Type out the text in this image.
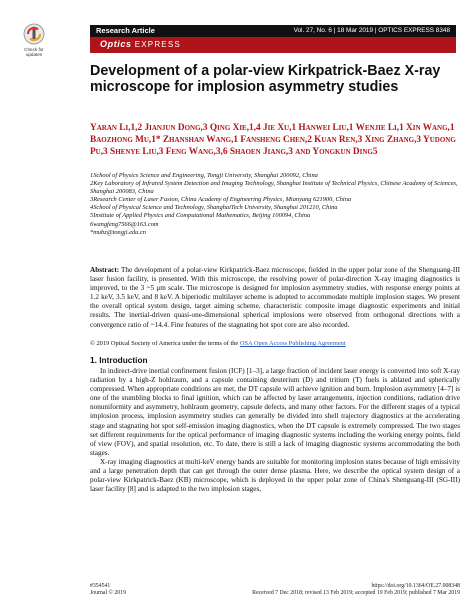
Check for
updates
Research Article	Vol. 27, No. 6 | 18 Mar 2019 | OPTICS EXPRESS 8348
Optics EXPRESS
Development of a polar-view Kirkpatrick-Baez X-ray microscope for implosion asymmetry studies
Yaran Li,1,2 Jianjun Dong,3 Qing Xie,1,4 Jie Xu,1 Hanwei Liu,1 Wenjie Li,1 Xin Wang,1 Baozhong Mu,1* Zhanshan Wang,1 Fansheng Chen,2 Kuan Ren,3 Xing Zhang,3 Yudong Pu,3 Shenye Liu,3 Feng Wang,3,6 Shaoen Jiang,3 and Yongkun Ding5
1School of Physics Science and Engineering, Tongji University, Shanghai 200092, China
2Key Laboratory of Infrared System Detection and Imaging Technology, Shanghai Institute of Technical Physics, Chinese Academy of Sciences, Shanghai 200083, China
3Research Center of Laser Fusion, China Academy of Engineering Physics, Mianyang 621900, China
4School of Physical Science and Technology, ShanghaiTech University, Shanghai 201210, China
5Institute of Applied Physics and Computational Mathematics, Beijing 100094, China
6wangfeng7566@163.com
*mubz@tongji.edu.cn
Abstract: The development of a polar-view Kirkpatrick-Baez microscope, fielded in the upper polar zone of the Shenguang-III laser fusion facility, is presented. With this microscope, the resolving power of polar-direction X-ray imaging diagnostics is improved, to the 3 ~5 μm scale. The microscope is designed for implosion asymmetry studies, with response energy points at 1.2 keV, 3.5 keV, and 8 keV. A biperiodic multilayer scheme is adopted to accommodate multiple implosion stages. We present the overall optical system design, target aiming scheme, characteristic composite image diagnostic experiments and initial results. The inertial-driven quasi-one-dimensional spherical implosions were observed from orthogonal directions with a convergence ratio of ~14.4. Fine features of the stagnating hot spot core are also recorded.
© 2019 Optical Society of America under the terms of the OSA Open Access Publishing Agreement
1. Introduction

In indirect-drive inertial confinement fusion (ICF) [1–3], a large fraction of incident laser energy is converted into soft X-ray radiation by a high-Z hohlraum, and a capsule containing deuterium (D) and tritium (T) fuels is ablated and spherically compressed. When appropriate conditions are met, the DT capsule will achieve ignition and burn. Implosion asymmetry [4–7] is one of the stumbling blocks to final ignition, which can be affected by laser arrangements, injection conditions, radiation drive nonuniformity and asymmetry, hohlraum geometry, capsule defects, and many other factors. For the different stages of a typical implosion process, implosion asymmetry studies can generally be divided into shell trajectory diagnostics at the accelerating stage and stagnating hot spot self-emission imaging diagnostics, when the DT capsule is extremely compressed. The two stages set different requirements for the optical performance of imaging diagnostic systems including the working energy points, field of view (FOV), and spatial resolution, etc. To date, there is still a lack of imaging diagnostic systems accommodating the both stages.

X-ray imaging diagnostics at multi-keV energy bands are suitable for monitoring implosion states because of high emissivity and a large penetration depth that can get through the outer dense plasma. Here, we describe the optical system design of a polar-view Kirkpatrick-Baez (KB) microscope, which is deployed in the upper polar zone of China's Shenguang-III (SG-III) laser facility [8] and is adapted to the two implosion stages,

#354541
Journal © 2019
https://doi.org/10.1364/OE.27.008348
Received 7 Dec 2018; revised 13 Feb 2019; accepted 19 Feb 2019; published 7 Mar 2019
